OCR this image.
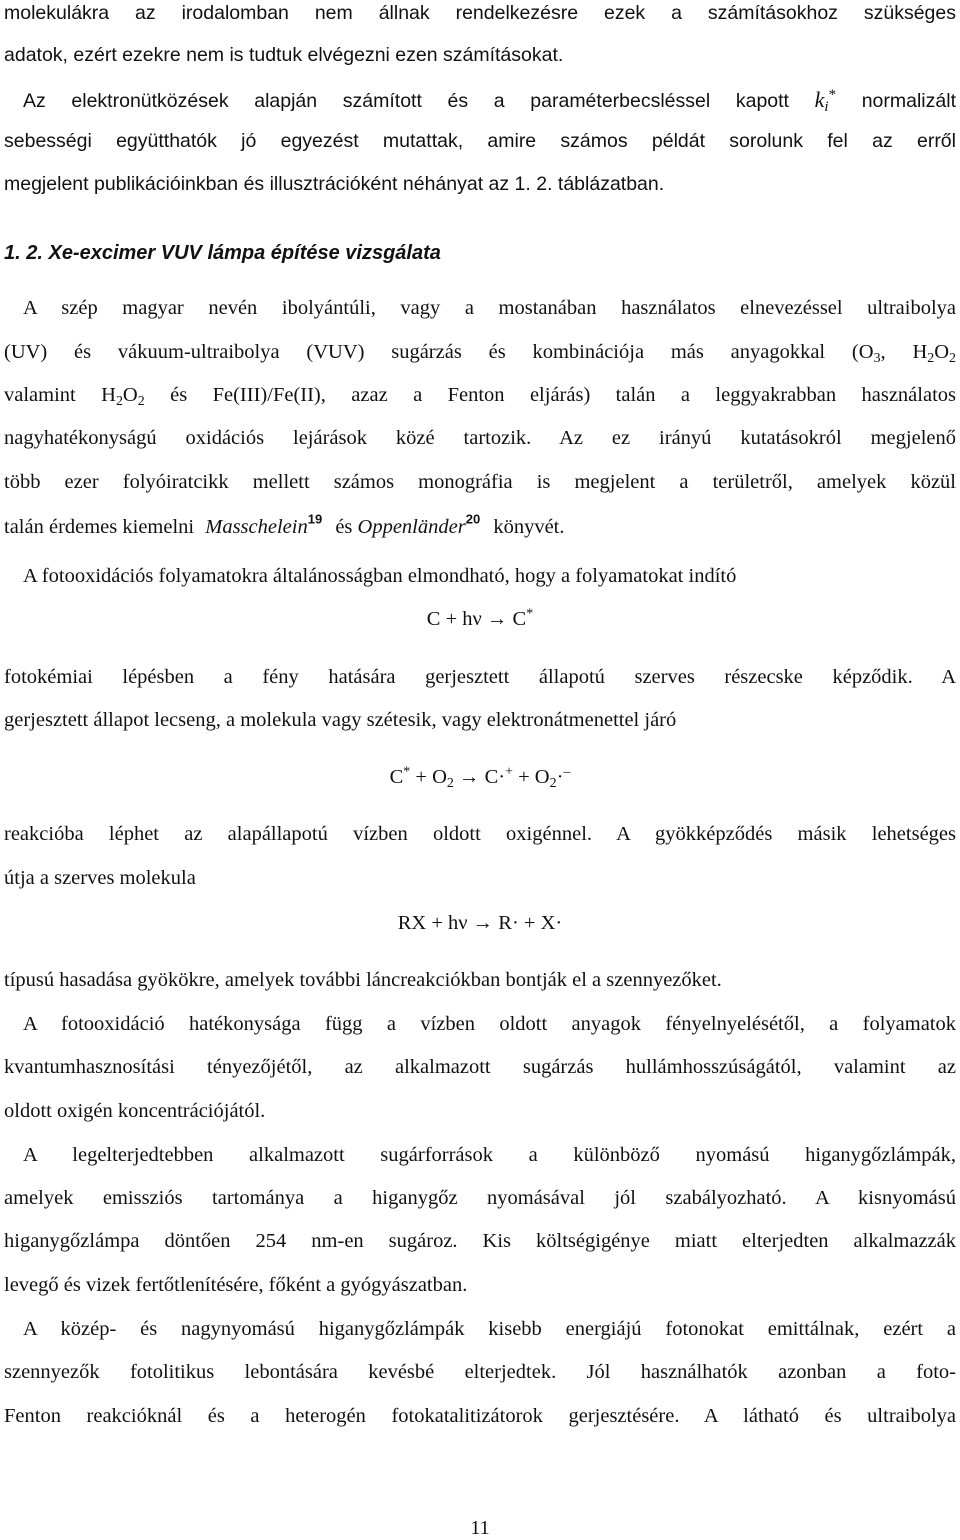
molekulákra az irodalomban nem állnak rendelkezésre ezek a számításokhoz szükséges
adatok, ezért ezekre nem is tudtuk elvégezni ezen számításokat.
Az elektronütközések alapján számított és a paraméterbecsléssel kapott $k_i^*$ normalizált
sebességi együtthatók jó egyezést mutattak, amire számos példát sorolunk fel az erről
megjelent publikációinkban és illusztrációként néhányat az 1. 2. táblázatban.
1. 2. Xe-excimer VUV lámpa építése vizsgálata
A szép magyar nevén ibolyántúli, vagy a mostanában használatos elnevezéssel ultraibolya
(UV) és vákuum-ultraibolya (VUV) sugárzás és kombinációja más anyagokkal ($O_3$, $H_2O_2$
valamint $H_2O_2$ és Fe(III)/Fe(II), azaz a Fenton eljárás) talán a leggyakrabban használatos
nagyhatékonyságú oxidációs lejárások közé tartozik. Az ez irányú kutatásokról megjelenő
több ezer folyóiratcikk mellett számos monográfia is megjelent a területről, amelyek közül
talán érdemes kiemelni Masschelein$^{19}$ és Oppenländer$^{20}$ könyvét.
A fotooxidációs folyamatokra általánosságban elmondható, hogy a folyamatokat indító
C + hν → C*
fotokémiai lépésben a fény hatására gerjesztett állapotú szerves részecske képződik. A
gerjesztett állapot lecseng, a molekula vagy szétesik, vagy elektronátmenettel járó
$C^* + O_2 \to C\cdot^+ + O_2\cdot^-$
reakcióba léphet az alapállapotú vízben oldott oxigénnel. A gyökképződés másik lehetséges
útja a szerves molekula
RX + hν → R· + X·
típusú hasadása gyökökre, amelyek további láncreakciókban bontják el a szennyezőket.
A fotooxidáció hatékonysága függ a vízben oldott anyagok fényelnyelésétől, a folyamatok
kvantumhasznosítási tényezőjétől, az alkalmazott sugárzás hullámhosszúságától, valamint az
oldott oxigén koncentrációjától.
A legelterjedtebben alkalmazott sugárforrások a különböző nyomású higanygőzlámpák,
amelyek emissziós tartománya a higanygőz nyomásával jól szabályozható. A kisnyomású
higanygőzlámpa döntően 254 nm-en sugároz. Kis költségigénye miatt elterjedten alkalmazzák
levegő és vizek fertőtlenítésére, főként a gyógyászatban.
A közép- és nagynyomású higanygőzlámpák kisebb energiájú fotonokat emittálnak, ezért a
szennyezők fotolitikus lebontására kevésbé elterjedtek. Jól használhatók azonban a foto-
Fenton reakcióknál és a heterogén fotokatalitizátorok gerjesztésére. A látható és ultraibolya
11
